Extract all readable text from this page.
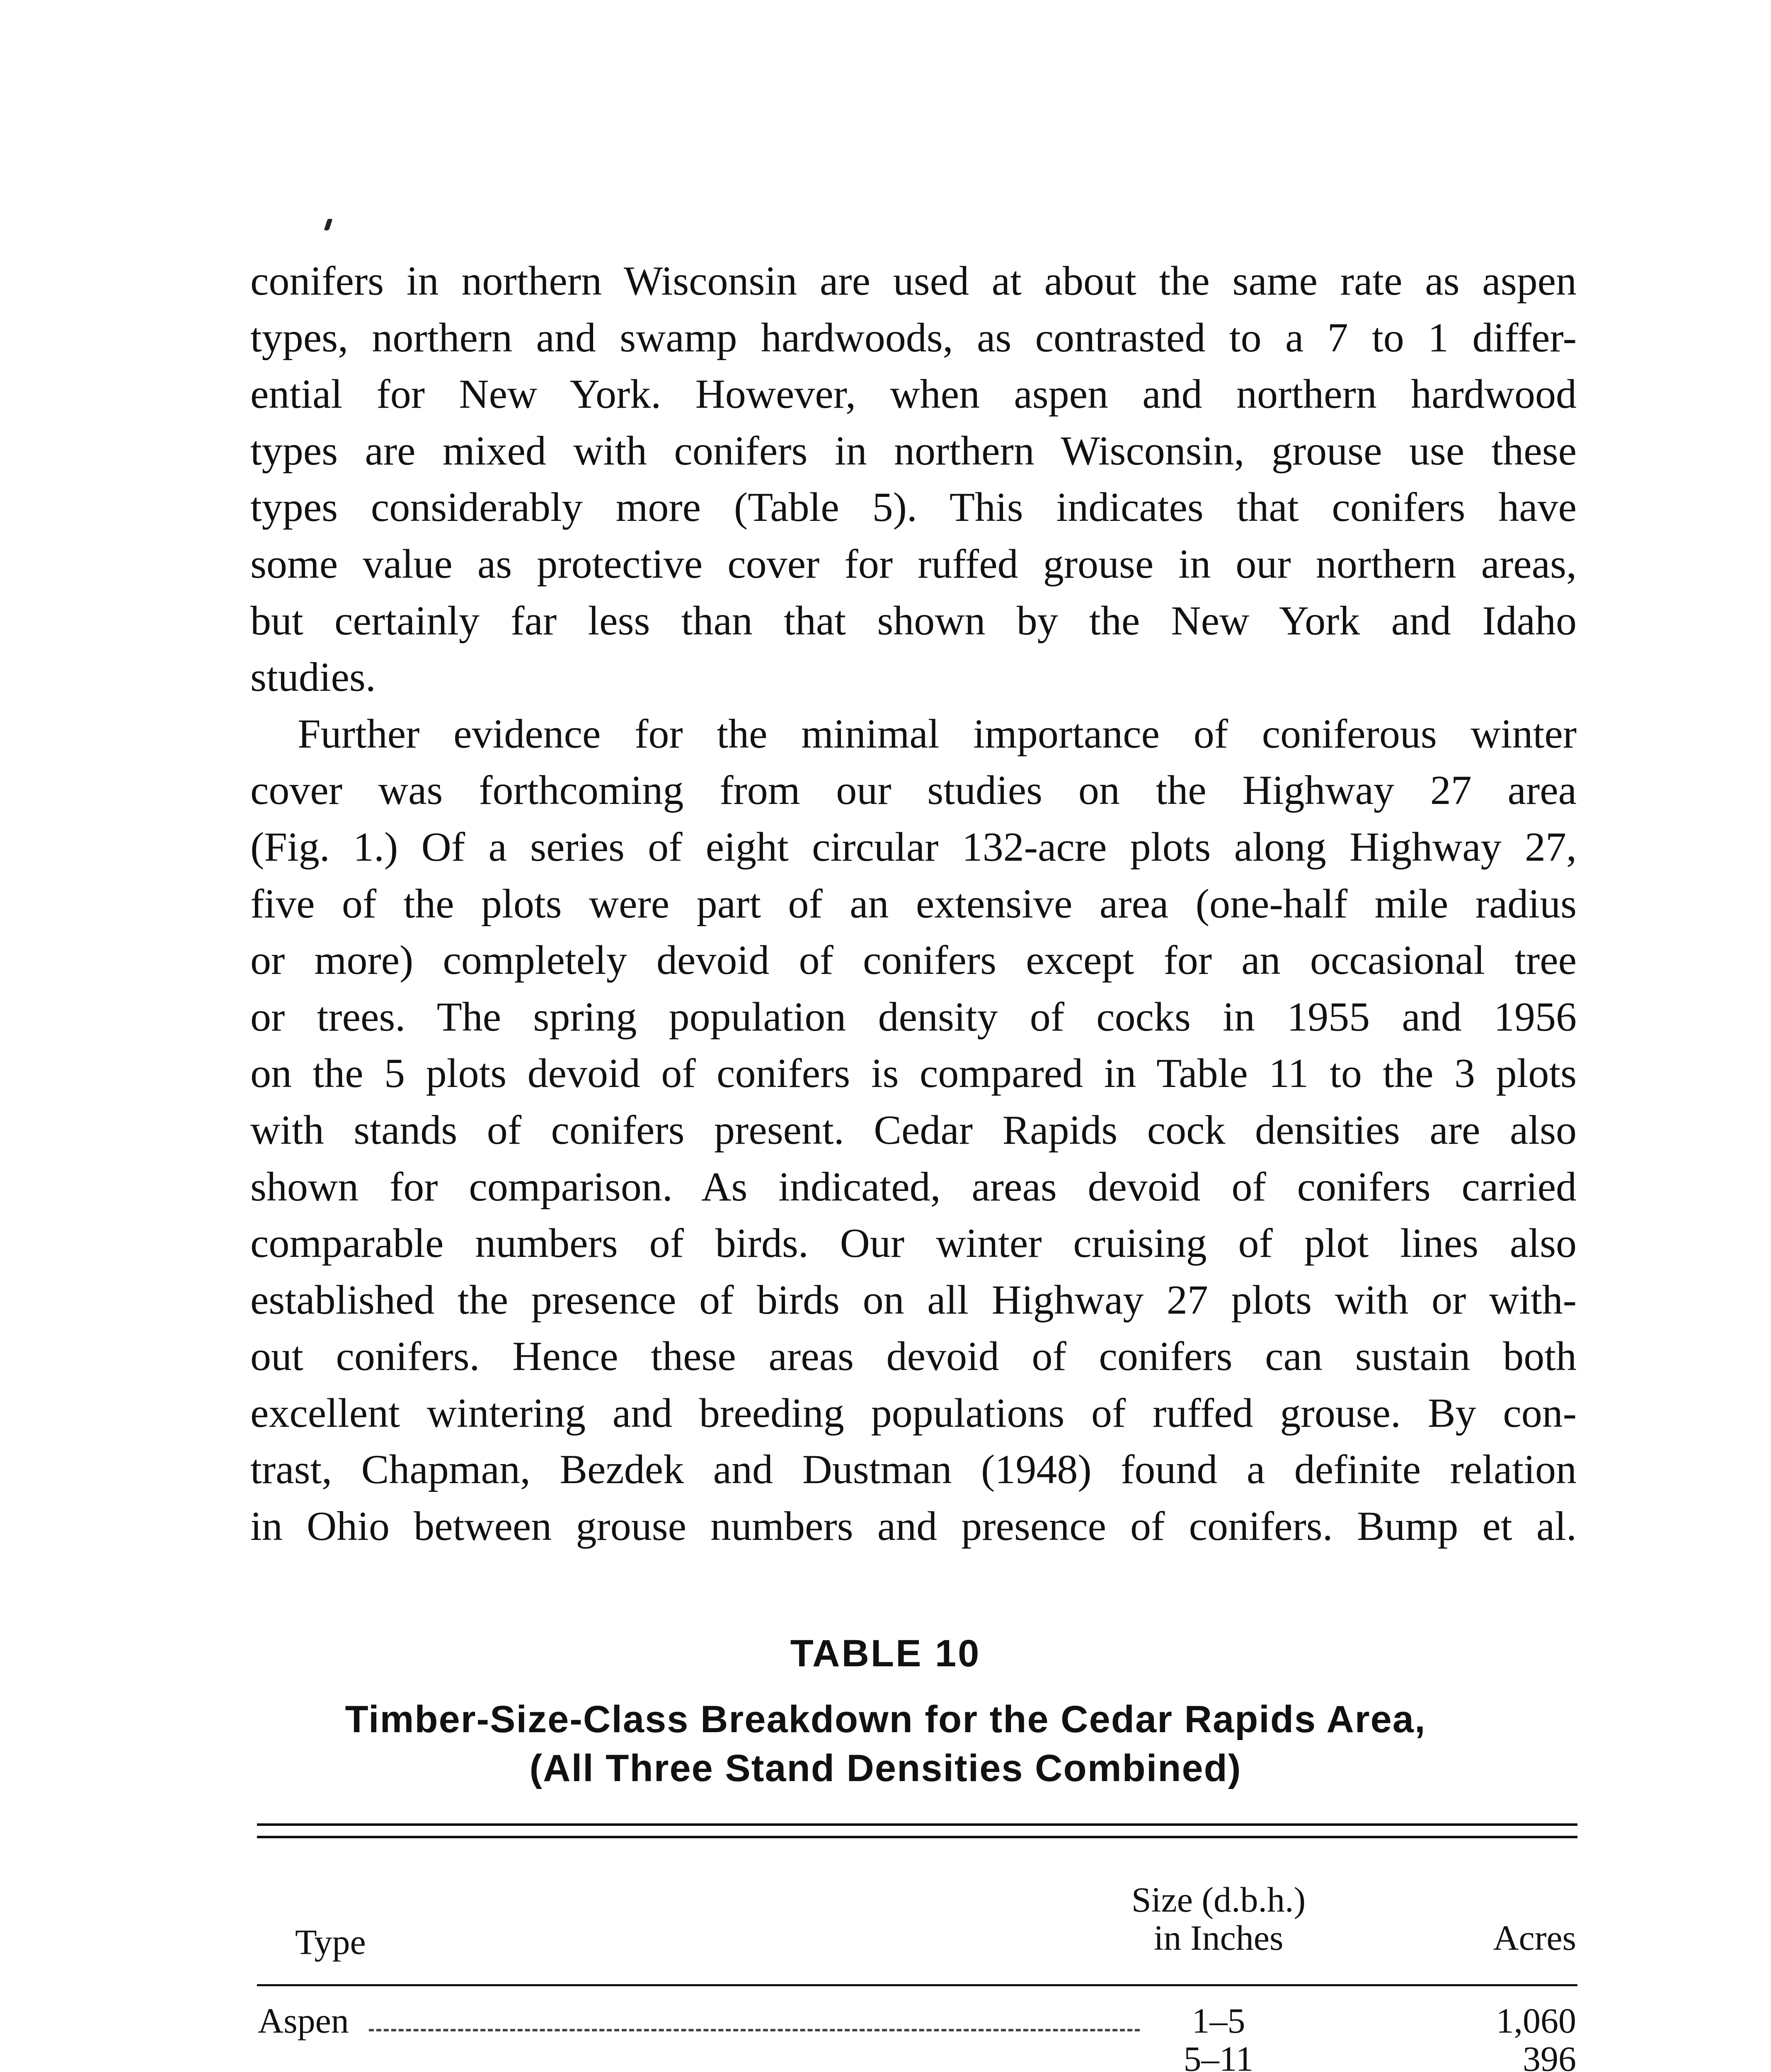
conifers in northern Wisconsin are used at about the same rate as aspen
types, northern and swamp hardwoods, as contrasted to a 7 to 1 differ-
ential for New York. However, when aspen and northern hardwood
types are mixed with conifers in northern Wisconsin, grouse use these
types considerably more (Table 5). This indicates that conifers have
some value as protective cover for ruffed grouse in our northern areas,
but certainly far less than that shown by the New York and Idaho
studies.
Further evidence for the minimal importance of coniferous winter
cover was forthcoming from our studies on the Highway 27 area
(Fig. 1.) Of a series of eight circular 132-acre plots along Highway 27,
five of the plots were part of an extensive area (one-half mile radius
or more) completely devoid of conifers except for an occasional tree
or trees. The spring population density of cocks in 1955 and 1956
on the 5 plots devoid of conifers is compared in Table 11 to the 3 plots
with stands of conifers present. Cedar Rapids cock densities are also
shown for comparison. As indicated, areas devoid of conifers carried
comparable numbers of birds. Our winter cruising of plot lines also
established the presence of birds on all Highway 27 plots with or with-
out conifers. Hence these areas devoid of conifers can sustain both
excellent wintering and breeding populations of ruffed grouse. By con-
trast, Chapman, Bezdek and Dustman (1948) found a definite relation
in Ohio between grouse numbers and presence of conifers. Bump et al.
TABLE 10
Timber-Size-Class Breakdown for the Cedar Rapids Area,
(All Three Stand Densities Combined)
Type
Size (d.b.h.)
in Inches	Acres
Aspen	1–5
5–11
1,060
396
